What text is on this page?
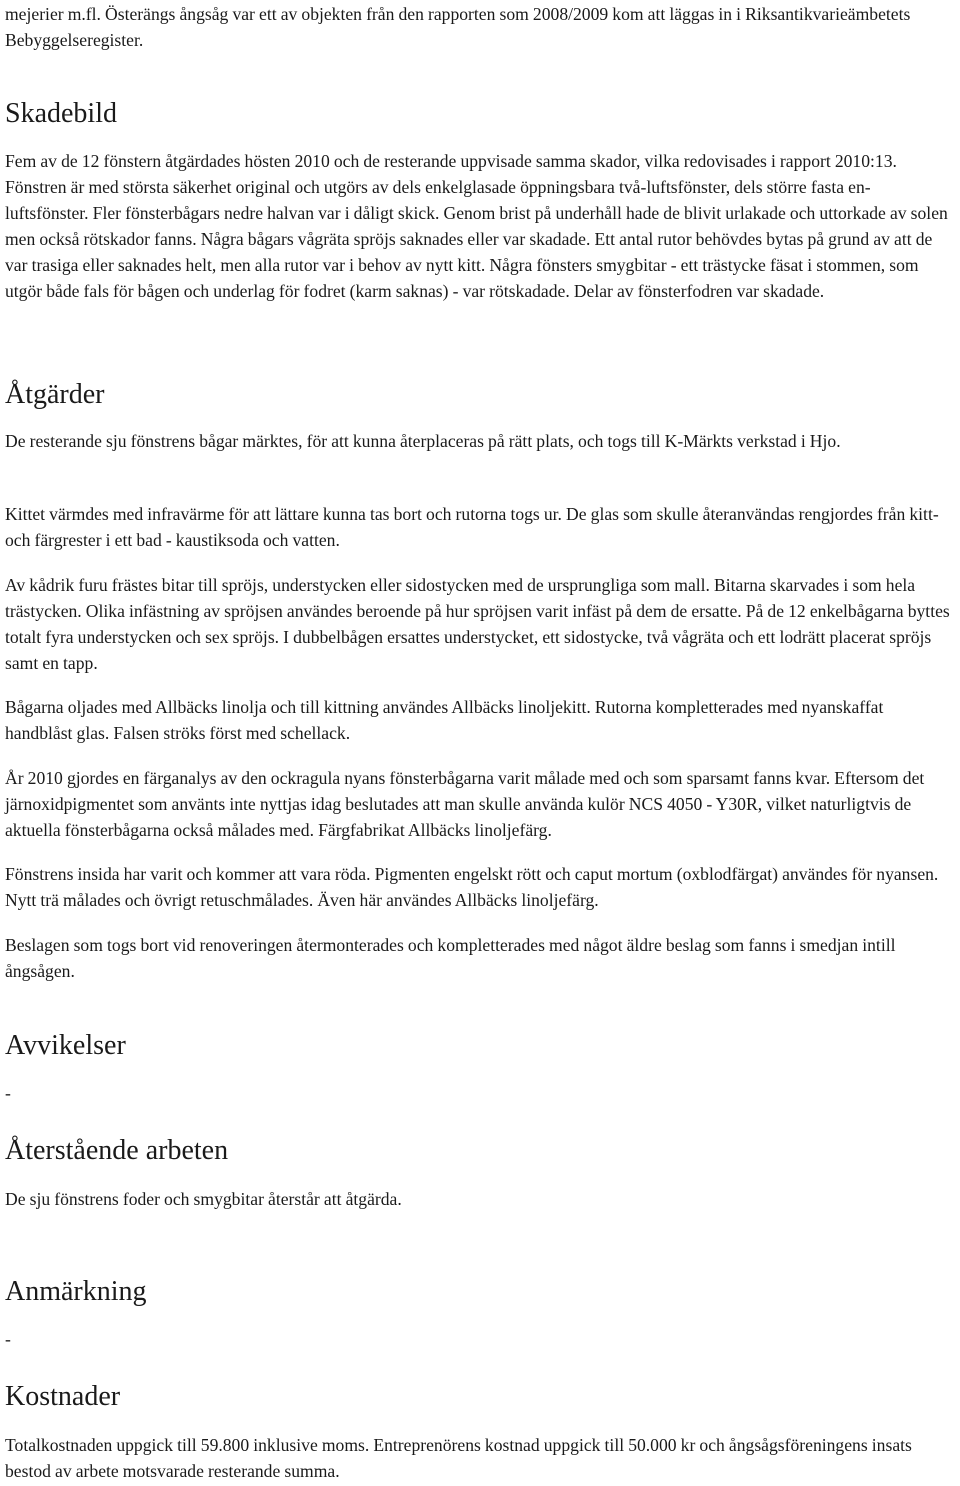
mejerier m.fl. Österängs ångsåg var ett av objekten från den rapporten som 2008/2009 kom att läggas in i Riksantikvarieämbetets Bebyggelseregister.

Skadebild

Fem av de 12 fönstern åtgärdades hösten 2010 och de resterande uppvisade samma skador, vilka redovisades i rapport 2010:13. Fönstren är med största säkerhet original och utgörs av dels enkelglasade öppningsbara två-luftsfönster, dels större fasta en-luftsfönster. Fler fönsterbågars nedre halvan var i dåligt skick. Genom brist på underhåll hade de blivit urlakade och uttorkade av solen men också rötskador fanns. Några bågars vågräta spröjs saknades eller var skadade. Ett antal rutor behövdes bytas på grund av att de var trasiga eller saknades helt, men alla rutor var i behov av nytt kitt. Några fönsters smygbitar - ett trästycke fäsat i stommen, som utgör både fals för bågen och underlag för fodret (karm saknas) - var rötskadade. Delar av fönsterfodren var skadade.

Åtgärder

De resterande sju fönstrens bågar märktes, för att kunna återplaceras på rätt plats, och togs till K-Märkts verkstad i Hjo.

Kittet värmdes med infravärme för att lättare kunna tas bort och rutorna togs ur. De glas som skulle återanvändas rengjordes från kitt- och färgrester i ett bad - kaustiksoda och vatten.

Av kådrik furu frästes bitar till spröjs, understycken eller sidostycken med de ursprungliga som mall. Bitarna skarvades i som hela trästycken. Olika infästning av spröjsen användes beroende på hur spröjsen varit infäst på dem de ersatte. På de 12 enkelbågarna byttes totalt fyra understycken och sex spröjs. I dubbelbågen ersattes understycket, ett sidostycke, två vågräta och ett lodrätt placerat spröjs samt en tapp.

Bågarna oljades med Allbäcks linolja och till kittning användes Allbäcks linoljekitt. Rutorna kompletterades med nyanskaffat handblåst glas. Falsen ströks först med schellack.

År 2010 gjordes en färganalys av den ockragula nyans fönsterbågarna varit målade med och som sparsamt fanns kvar. Eftersom det järnoxidpigmentet som använts inte nyttjas idag beslutades att man skulle använda kulör NCS 4050 - Y30R, vilket naturligtvis de aktuella fönsterbågarna också målades med. Färgfabrikat Allbäcks linoljefärg.

Fönstrens insida har varit och kommer att vara röda. Pigmenten engelskt rött och caput mortum (oxblodfärgat) användes för nyansen. Nytt trä målades och övrigt retuschmålades. Även här användes Allbäcks linoljefärg.

Beslagen som togs bort vid renoveringen återmonterades och kompletterades med något äldre beslag som fanns i smedjan intill ångsågen.

Avvikelser

-

Återstående arbeten

De sju fönstrens foder och smygbitar återstår att åtgärda.

Anmärkning

-

Kostnader

Totalkostnaden uppgick till 59.800 inklusive moms. Entreprenörens kostnad uppgick till 50.000 kr och ångsågsföreningens insats bestod av arbete motsvarade resterande summa.
